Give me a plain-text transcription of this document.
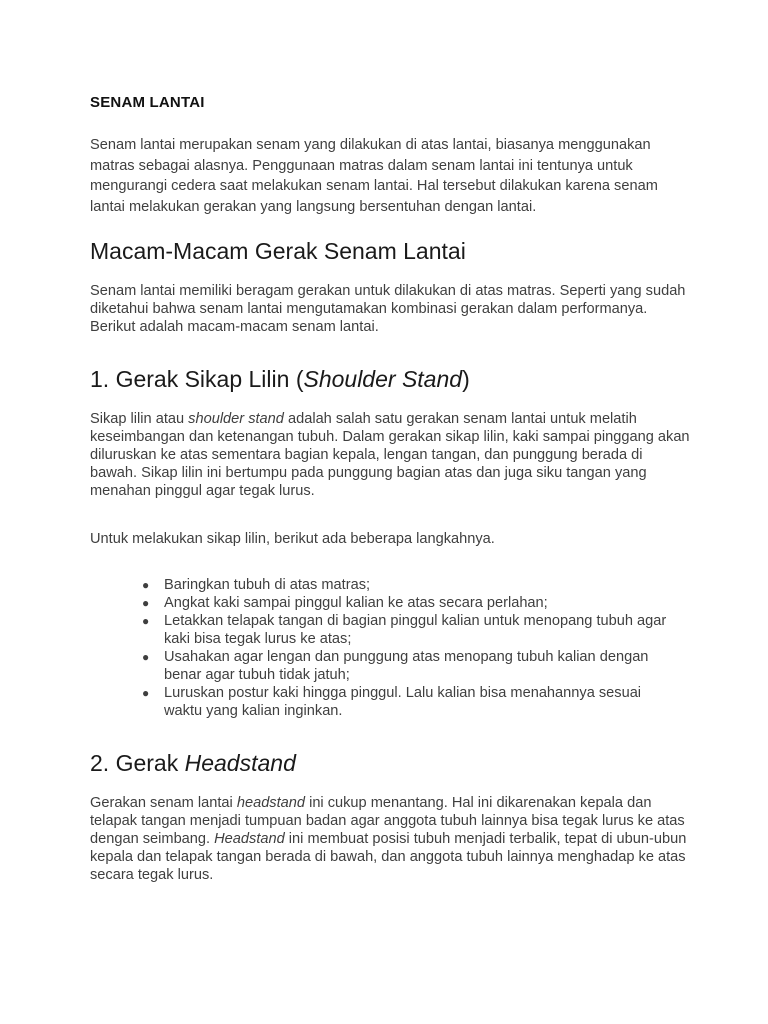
SENAM LANTAI

Senam lantai merupakan senam yang dilakukan di atas lantai, biasanya menggunakan matras sebagai alasnya. Penggunaan matras dalam senam lantai ini tentunya untuk mengurangi cedera saat melakukan senam lantai. Hal tersebut dilakukan karena senam lantai melakukan gerakan yang langsung bersentuhan dengan lantai.

Macam-Macam Gerak Senam Lantai

Senam lantai memiliki beragam gerakan untuk dilakukan di atas matras. Seperti yang sudah diketahui bahwa senam lantai mengutamakan kombinasi gerakan dalam performanya. Berikut adalah macam-macam senam lantai.

1. Gerak Sikap Lilin (Shoulder Stand)

Sikap lilin atau shoulder stand adalah salah satu gerakan senam lantai untuk melatih keseimbangan dan ketenangan tubuh. Dalam gerakan sikap lilin, kaki sampai pinggang akan diluruskan ke atas sementara bagian kepala, lengan tangan, dan punggung berada di bawah. Sikap lilin ini bertumpu pada punggung bagian atas dan juga siku tangan yang menahan pinggul agar tegak lurus.

Untuk melakukan sikap lilin, berikut ada beberapa langkahnya.

● Baringkan tubuh di atas matras;
● Angkat kaki sampai pinggul kalian ke atas secara perlahan;
● Letakkan telapak tangan di bagian pinggul kalian untuk menopang tubuh agar kaki bisa tegak lurus ke atas;
● Usahakan agar lengan dan punggung atas menopang tubuh kalian dengan benar agar tubuh tidak jatuh;
● Luruskan postur kaki hingga pinggul. Lalu kalian bisa menahannya sesuai waktu yang kalian inginkan.
2. Gerak Headstand

Gerakan senam lantai headstand ini cukup menantang. Hal ini dikarenakan kepala dan telapak tangan menjadi tumpuan badan agar anggota tubuh lainnya bisa tegak lurus ke atas dengan seimbang. Headstand ini membuat posisi tubuh menjadi terbalik, tepat di ubun-ubun kepala dan telapak tangan berada di bawah, dan anggota tubuh lainnya menghadap ke atas secara tegak lurus.
